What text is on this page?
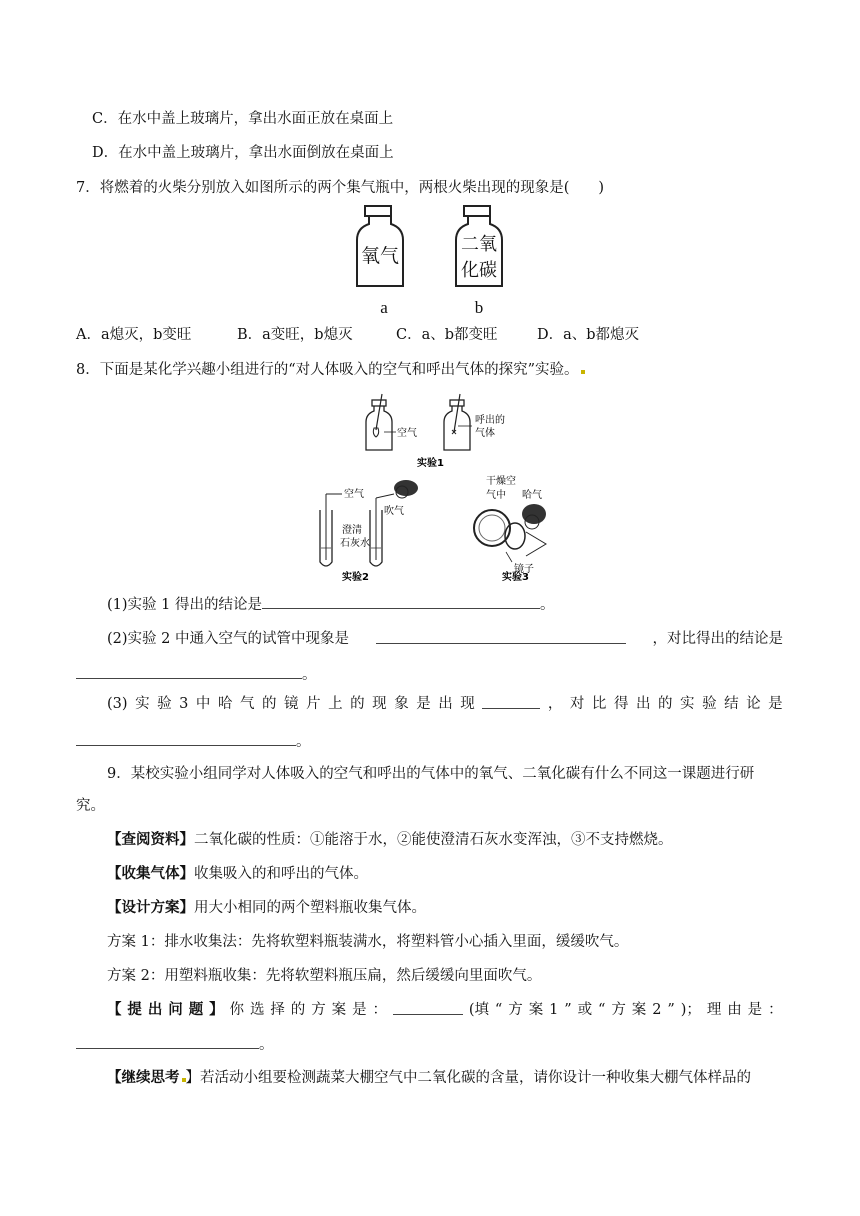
C．在水中盖上玻璃片，拿出水面正放在桌面上
D．在水中盖上玻璃片，拿出水面倒放在桌面上
7．将燃着的火柴分别放入如图所示的两个集气瓶中，两根火柴出现的现象是(　　)
氧气
二氧
化碳
a	b
A．a熄灭，b变旺	B．a变旺，b熄灭	C．a、b都变旺	D．a、b都熄灭
8．下面是某化学兴趣小组进行的“对人体吸入的空气和呼出气体的探究”实验。
空气
呼出的
气体
实验1
空气
吹气
澄清
石灰水
实验2
干燥空
气中 哈气
镜子
实验3
(1)实验 1 得出的结论是	。
(2)实验 2 中通入空气的试管中现象是	，对比得出的结论是
。
(3) 实 验 3 中 哈 气 的 镜 片 上 的 现 象 是 出 现	， 对 比 得 出 的 实 验 结 论 是
。
9．某校实验小组同学对人体吸入的空气和呼出的气体中的氧气、二氧化碳有什么不同这一课题进行研
究。
【查阅资料】二氧化碳的性质：①能溶于水，②能使澄清石灰水变浑浊，③不支持燃烧。
【收集气体】收集吸入的和呼出的气体。
【设计方案】用大小相同的两个塑料瓶收集气体。
方案 1：排水收集法：先将软塑料瓶装满水，将塑料管小心插入里面，缓缓吹气。
方案 2：用塑料瓶收集：先将软塑料瓶压扁，然后缓缓向里面吹气。
【 提 出 问 题 】 你 选 择 的 方 案 是 ：	(填 “ 方 案 1 ” 或 “ 方 案 2 ” )； 理 由 是 ：
。
【继续思考 】若活动小组要检测蔬菜大棚空气中二氧化碳的含量，请你设计一种收集大棚气体样品的
